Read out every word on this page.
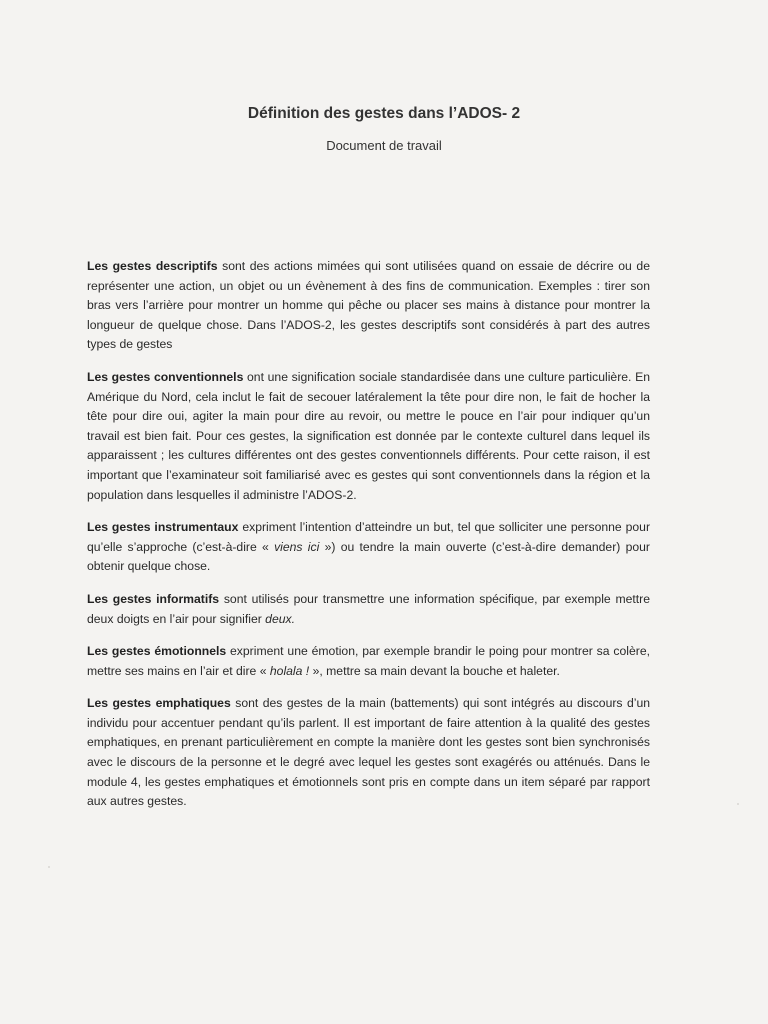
Définition des gestes dans l’ADOS- 2
Document de travail

Les gestes descriptifs sont des actions mimées qui sont utilisées quand on essaie de décrire ou de représenter une action, un objet ou un évènement à des fins de communication. Exemples : tirer son bras vers l’arrière pour montrer un homme qui pêche ou placer ses mains à distance pour montrer la longueur de quelque chose. Dans l’ADOS-2, les gestes descriptifs sont considérés à part des autres types de gestes

Les gestes conventionnels ont une signification sociale standardisée dans une culture particulière. En Amérique du Nord, cela inclut le fait de secouer latéralement la tête pour dire non, le fait de hocher la tête pour dire oui, agiter la main pour dire au revoir, ou mettre le pouce en l’air pour indiquer qu’un travail est bien fait. Pour ces gestes, la signification est donnée par le contexte culturel dans lequel ils apparaissent ; les cultures différentes ont des gestes conventionnels différents. Pour cette raison, il est important que l’examinateur soit familiarisé avec es gestes qui sont conventionnels dans la région et la population dans lesquelles il administre l’ADOS-2.

Les gestes instrumentaux expriment l’intention d’atteindre un but, tel que solliciter une personne pour qu’elle s’approche (c’est-à-dire « viens ici ») ou tendre la main ouverte (c’est-à-dire demander) pour obtenir quelque chose.

Les gestes informatifs sont utilisés pour transmettre une information spécifique, par exemple mettre deux doigts en l’air pour signifier deux.

Les gestes émotionnels expriment une émotion, par exemple brandir le poing pour montrer sa colère, mettre ses mains en l’air et dire « holala ! », mettre sa main devant la bouche et haleter.

Les gestes emphatiques sont des gestes de la main (battements) qui sont intégrés au discours d’un individu pour accentuer pendant qu’ils parlent. Il est important de faire attention à la qualité des gestes emphatiques, en prenant particulièrement en compte la manière dont les gestes sont bien synchronisés avec le discours de la personne et le degré avec lequel les gestes sont exagérés ou atténués. Dans le module 4, les gestes emphatiques et émotionnels sont pris en compte dans un item séparé par rapport aux autres gestes.
